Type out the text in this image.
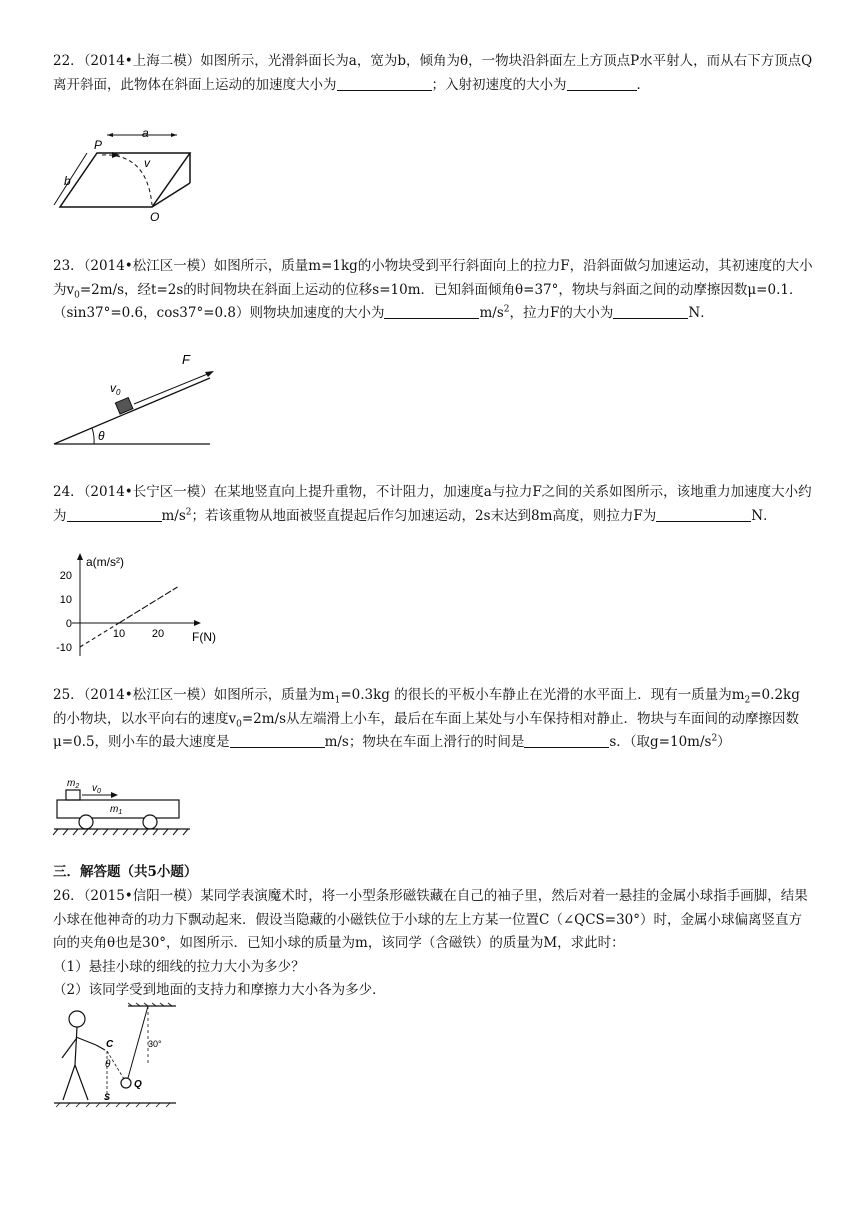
22．（2014•上海二模）如图所示，光滑斜面长为a，宽为b，倾角为θ，一物块沿斜面左上方顶点P水平射人，而从右下方顶点Q离开斜面，此物体在斜面上运动的加速度大小为	；入射初速度的大小为	．

P
a
v
b
O

23．（2014•松江区一模）如图所示，质量m=1kg的小物块受到平行斜面向上的拉力F，沿斜面做匀加速运动，其初速度的大小为$v_0=2m/s$，经t=2s的时间物块在斜面上运动的位移s=10m．已知斜面倾角θ=37°，物块与斜面之间的动摩擦因数μ=0.1．（sin37°=0.6，cos37°=0.8）则物块加速度的大小为	$m/s^2$，拉力F的大小为	N．

F
$v_0$
θ

24．（2014•长宁区一模）在某地竖直向上提升重物，不计阻力，加速度a与拉力F之间的关系如图所示，该地重力加速度大小约为	$m/s^2$；若该重物从地面被竖直提起后作匀加速运动，2s末达到8m高度，则拉力F为	N．

a(m/s²)
F(N)
20
10
0
-10
10 20

25．（2014•松江区一模）如图所示，质量为$m_1=0.3kg$ 的很长的平板小车静止在光滑的水平面上．现有一质量为$m_2=0.2kg$的小物块，以水平向右的速度$v_0=2m/s$从左端滑上小车，最后在车面上某处与小车保持相对静止．物块与车面间的动摩擦因数μ=0.5，则小车的最大速度是	m/s；物块在车面上滑行的时间是	s．（取$g=10m/s^2$）

$m_2$ $v_0$
$m_1$

三．解答题（共5小题）

26．（2015•信阳一模）某同学表演魔术时，将一小型条形磁铁藏在自己的袖子里，然后对着一悬挂的金属小球指手画脚，结果小球在他神奇的功力下飘动起来．假设当隐藏的小磁铁位于小球的左上方某一位置C（∠QCS=30°）时，金属小球偏离竖直方向的夹角θ也是30°，如图所示．已知小球的质量为m，该同学（含磁铁）的质量为M，求此时：
（1）悬挂小球的细线的拉力大小为多少？
（2）该同学受到地面的支持力和摩擦力大小各为多少．

C
θ
30°
Q
S
